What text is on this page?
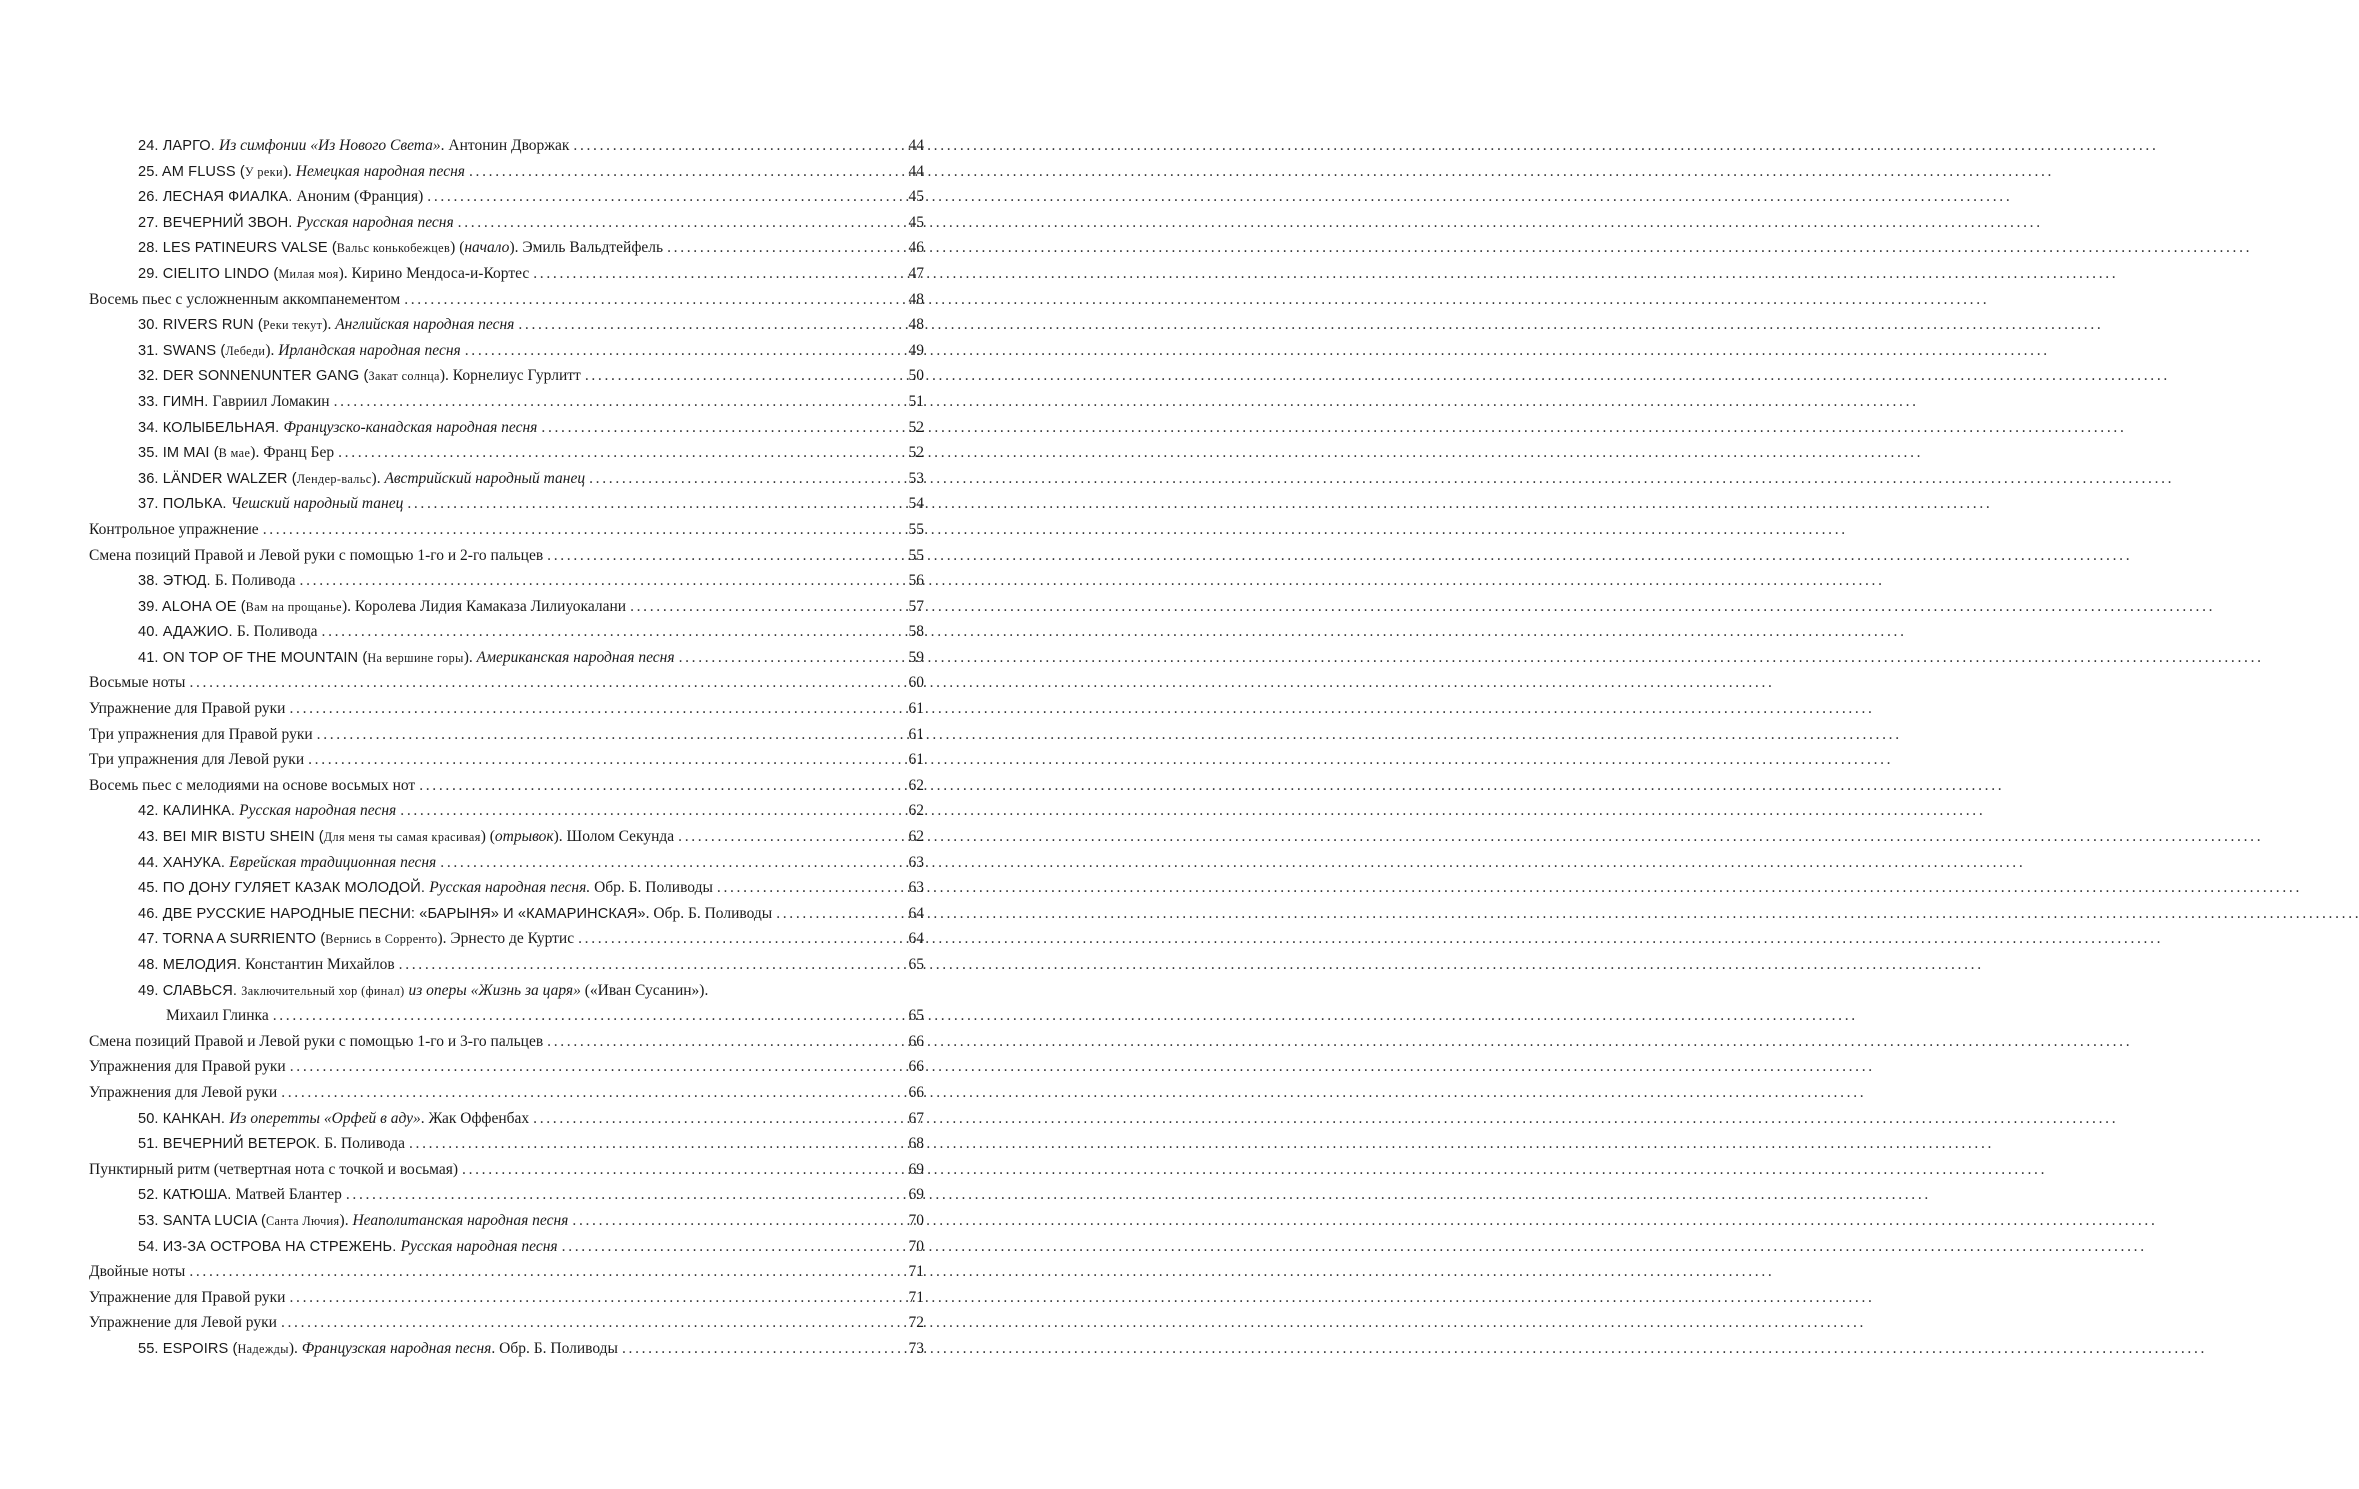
24. ЛАРГО. Из симфонии «Из Нового Света». Антонин Дворжак . . .	44
25. AM FLUSS (У реки). Немецкая народная песня . . .	44
26. ЛЕСНАЯ ФИАЛКА. Аноним (Франция) . . .	45
27. ВЕЧЕРНИЙ ЗВОН. Русская народная песня . . .	45
28. LES PATINEURS VALSE (Вальс конькобежцев) (начало). Эмиль Вальдтейфель . . .	46
29. CIELITO LINDO (Милая моя). Кирино Мендоса-и-Кортес . . .	47
Восемь пьес с усложненным аккомпанементом . . .	48
30. RIVERS RUN (Реки текут). Английская народная песня . . .	48
31. SWANS (Лебеди). Ирландская народная песня . . .	49
32. DER SONNENUNTER GANG (Закат солнца). Корнелиус Гурлитт . . .	50
33. ГИМН. Гавриил Ломакин . . .	51
34. КОЛЫБЕЛЬНАЯ. Французско-канадская народная песня . . .	52
35. IM MAI (В мае). Франц Бер . . .	52
36. LÄNDER WALZER (Лендер-вальс). Австрийский народный танец . . .	53
37. ПОЛЬКА. Чешский народный танец . . .	54
Контрольное упражнение . . .	55
Смена позиций Правой и Левой руки с помощью 1-го и 2-го пальцев . . .	55
38. ЭТЮД. Б. Поливода . . .	56
39. ALOHA OE (Вам на прощанье). Королева Лидия Камаказа Лилиуокалани . . .	57
40. АДАЖИО. Б. Поливода . . .	58
41. ON TOP OF THE MOUNTAIN (На вершине горы). Американская народная песня . . .	59
Восьмые ноты . . .	60
Упражнение для Правой руки . . .	61
Три упражнения для Правой руки . . .	61
Три упражнения для Левой руки . . .	61
Восемь пьес с мелодиями на основе восьмых нот . . .	62
42. КАЛИНКА. Русская народная песня . . .	62
43. BEI MIR BISTU SHEIN (Для меня ты самая красивая) (отрывок). Шолом Секунда . . .	62
44. ХАНУКА. Еврейская традиционная песня . . .	63
45. ПО ДОНУ ГУЛЯЕТ КАЗАК МОЛОДОЙ. Русская народная песня. Обр. Б. Поливоды . . .	63
46. ДВЕ РУССКИЕ НАРОДНЫЕ ПЕСНИ: «БАРЫНЯ» И «КАМАРИНСКАЯ». Обр. Б. Поливоды . . .	64
47. TORNA A SURRIENTO (Вернись в Сорренто). Эрнесто де Куртис . . .	64
48. МЕЛОДИЯ. Константин Михайлов . . .	65
49. СЛАВЬСЯ. Заключительный хор (финал) из оперы «Жизнь за царя» («Иван Сусанин»).
Михаил Глинка . . .	65
Смена позиций Правой и Левой руки с помощью 1-го и 3-го пальцев . . .	66
Упражнения для Правой руки . . .	66
Упражнения для Левой руки . . .	66
50. КАНКАН. Из оперетты «Орфей в аду». Жак Оффенбах . . .	67
51. ВЕЧЕРНИЙ ВЕТЕРОК. Б. Поливода . . .	68
Пунктирный ритм (четвертная нота с точкой и восьмая) . . .	69
52. КАТЮША. Матвей Блантер . . .	69
53. SANTA LUCIA (Санта Лючия). Неаполитанская народная песня . . .	70
54. ИЗ-ЗА ОСТРОВА НА СТРЕЖЕНЬ. Русская народная песня . . .	70
Двойные ноты . . .	71
Упражнение для Правой руки . . .	71
Упражнение для Левой руки . . .	72
55. ESPOIRS (Надежды). Французская народная песня. Обр. Б. Поливоды . . .	73
